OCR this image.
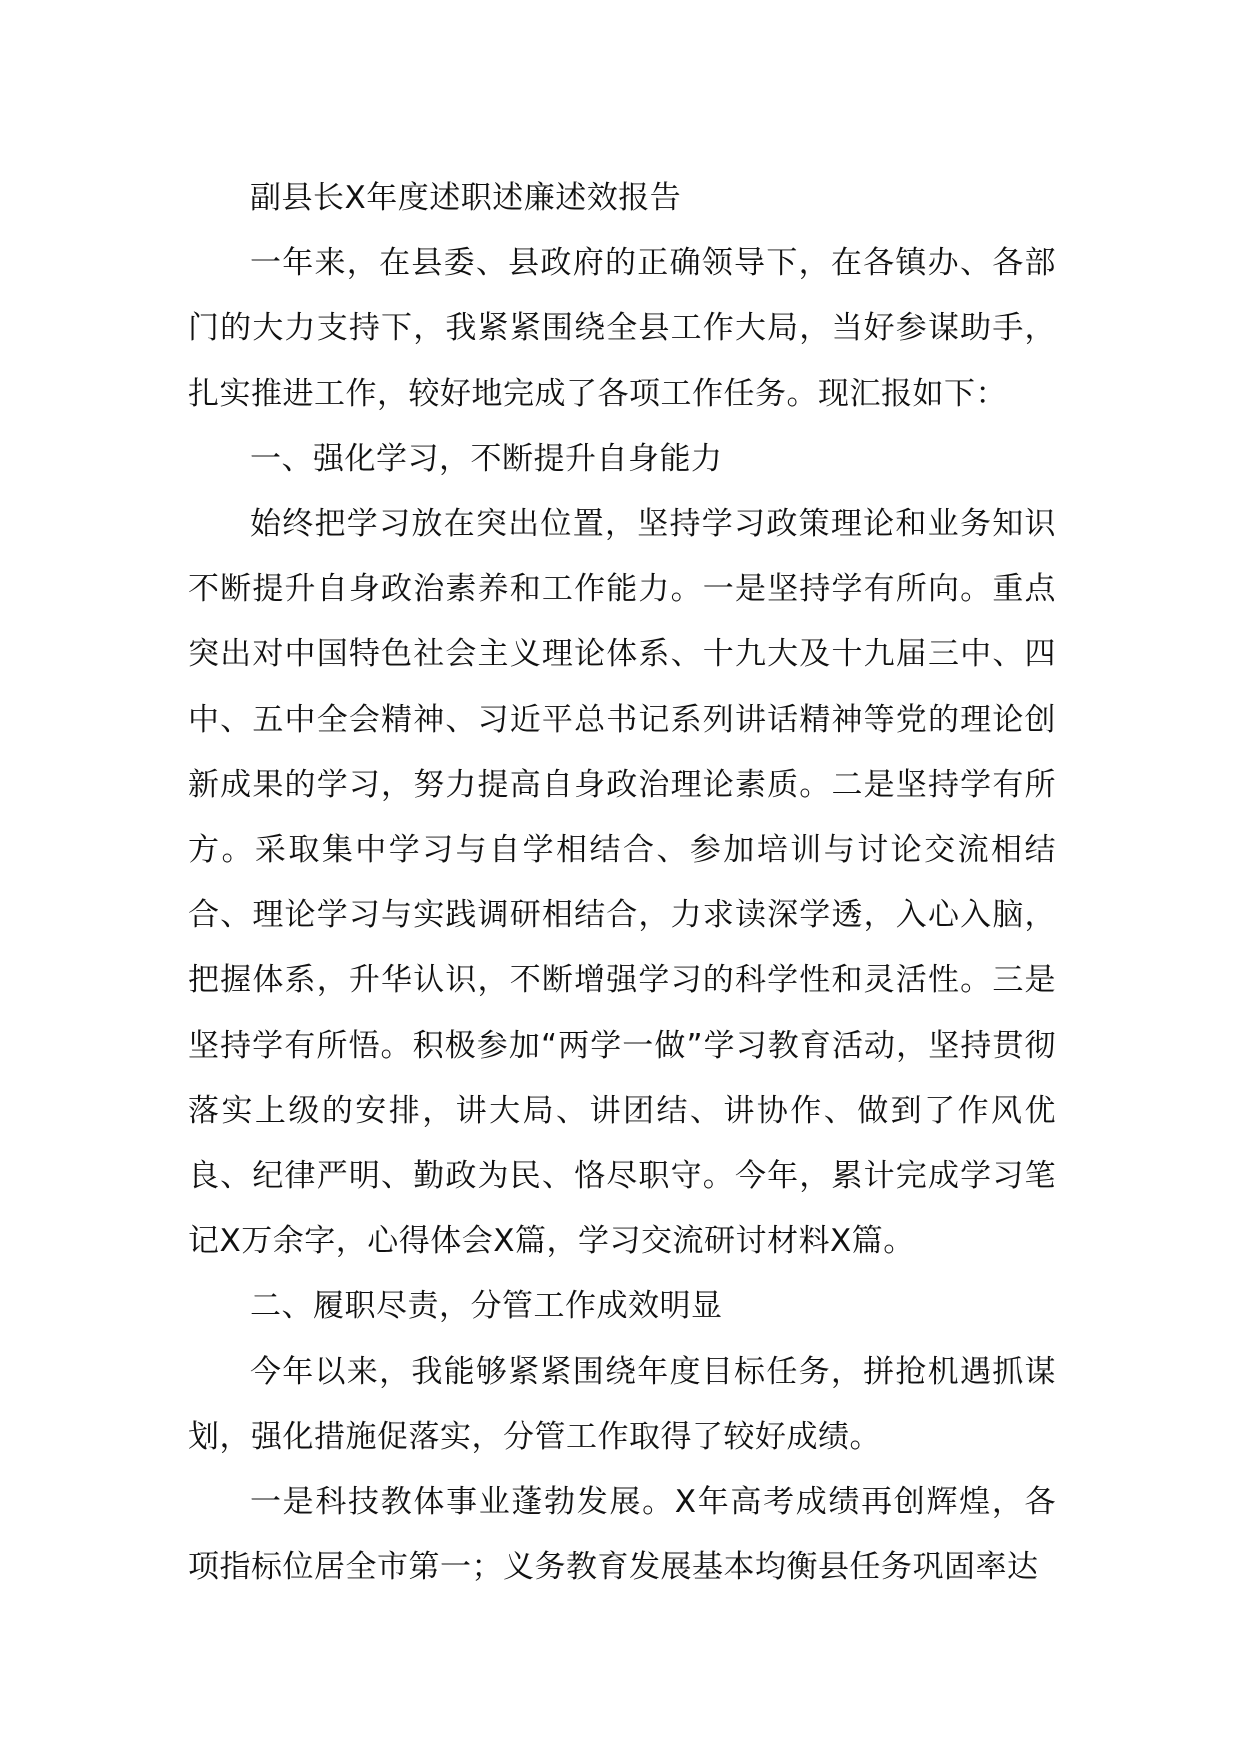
副县长X年度述职述廉述效报告

一年来，在县委、县政府的正确领导下，在各镇办、各部门的大力支持下，我紧紧围绕全县工作大局，当好参谋助手，扎实推进工作，较好地完成了各项工作任务。现汇报如下：

一、强化学习，不断提升自身能力

始终把学习放在突出位置，坚持学习政策理论和业务知识不断提升自身政治素养和工作能力。一是坚持学有所向。重点突出对中国特色社会主义理论体系、十九大及十九届三中、四中、五中全会精神、习近平总书记系列讲话精神等党的理论创新成果的学习，努力提高自身政治理论素质。二是坚持学有所方。采取集中学习与自学相结合、参加培训与讨论交流相结合、理论学习与实践调研相结合，力求读深学透，入心入脑，把握体系，升华认识，不断增强学习的科学性和灵活性。三是坚持学有所悟。积极参加“两学一做”学习教育活动，坚持贯彻落实上级的安排，讲大局、讲团结、讲协作、做到了作风优良、纪律严明、勤政为民、恪尽职守。今年，累计完成学习笔记X万余字，心得体会X篇，学习交流研讨材料X篇。

二、履职尽责，分管工作成效明显

今年以来，我能够紧紧围绕年度目标任务，拼抢机遇抓谋划，强化措施促落实，分管工作取得了较好成绩。

一是科技教体事业蓬勃发展。X年高考成绩再创辉煌，各项指标位居全市第一；义务教育发展基本均衡县任务巩固率达
